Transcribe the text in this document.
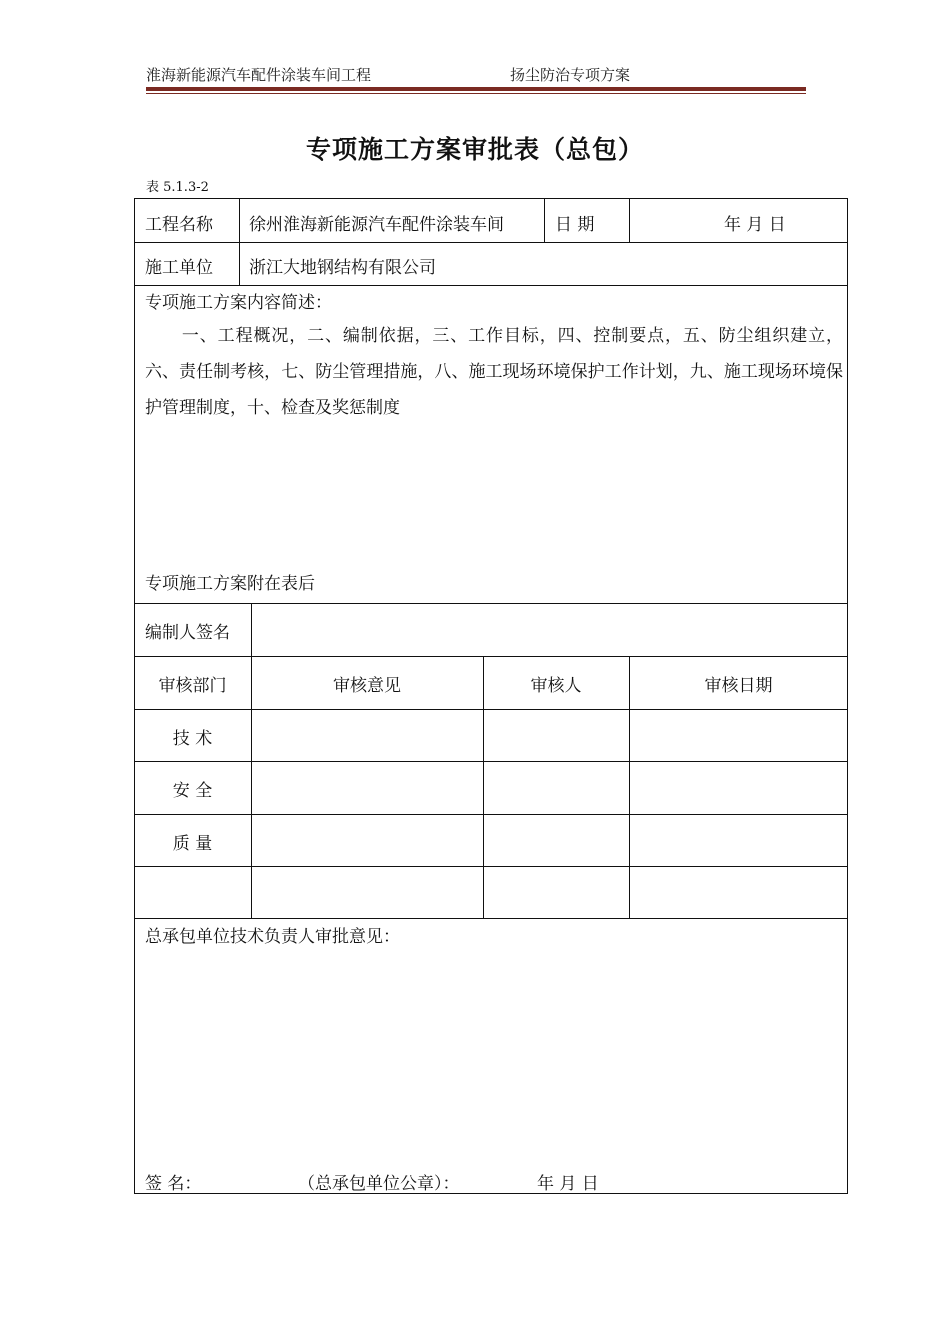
淮海新能源汽车配件涂装车间工程	扬尘防治专项方案
专项施工方案审批表（总包）
表 5.1.3-2
工程名称 徐州淮海新能源汽车配件涂装车间	日 期	年 月 日
施工单位 浙江大地钢结构有限公司
专项施工方案内容简述：
一、工程概况，二、编制依据，三、工作目标，四、控制要点，五、防尘组织建立，六、责任制考核，七、防尘管理措施，八、施工现场环境保护工作计划，九、施工现场环境保护管理制度，十、检查及奖惩制度
专项施工方案附在表后
编制人签名
审核部门	审核意见	审核人	审核日期
技 术
安 全
质 量
总承包单位技术负责人审批意见：
签 名：	（总承包单位公章）：	年 月 日
